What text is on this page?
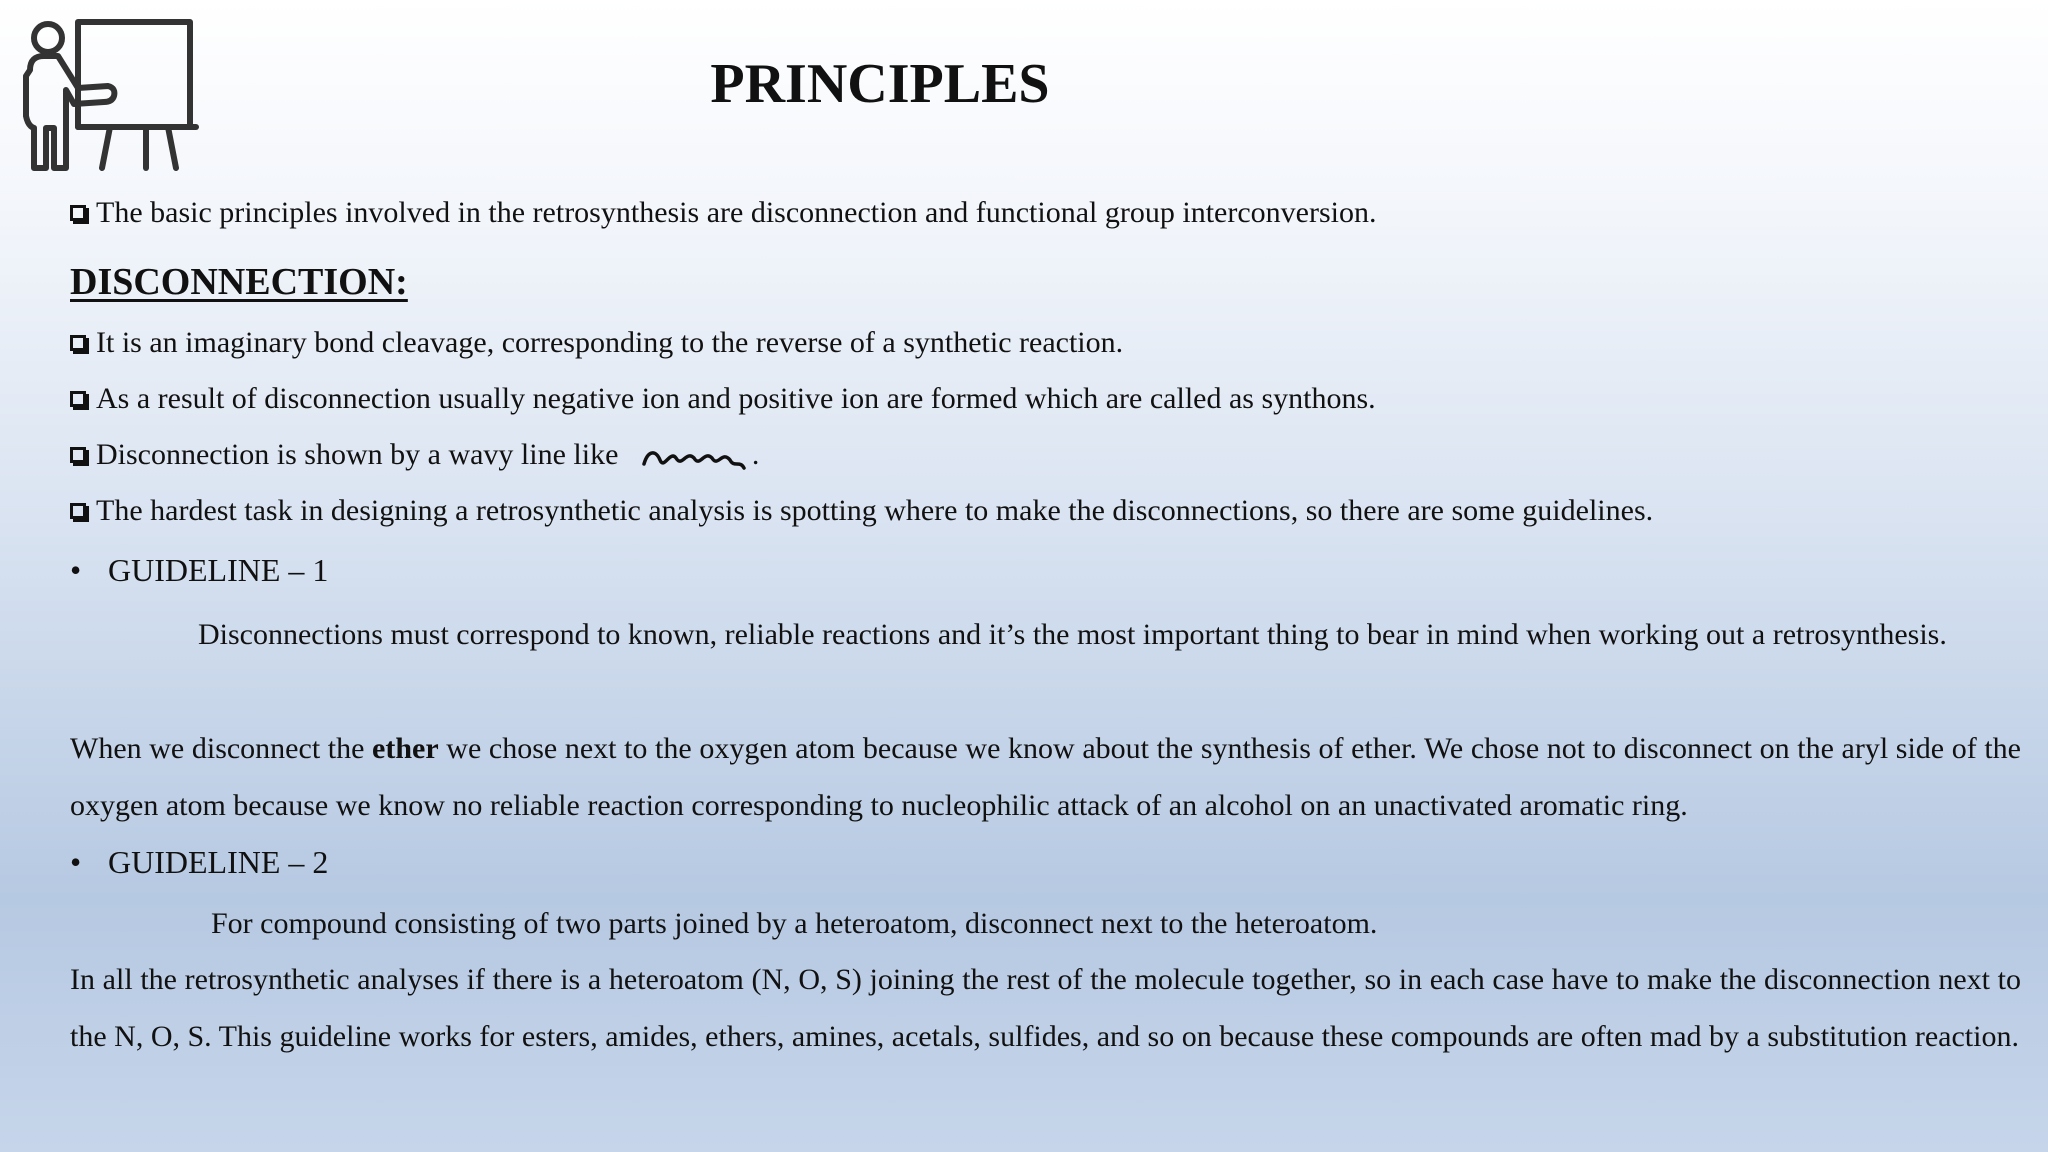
PRINCIPLES
The basic principles involved in the retrosynthesis are disconnection and functional group interconversion.
DISCONNECTION:
It is an imaginary bond cleavage, corresponding to the reverse of a synthetic reaction.
As a result of disconnection usually negative ion and positive ion are formed which are called as synthons.
Disconnection is shown by a wavy line like	.
The hardest task in designing a retrosynthetic analysis is spotting where to make the disconnections, so there are some guidelines.
• GUIDELINE – 1
Disconnections must correspond to known, reliable reactions and it’s the most important thing to bear in mind when working out a retrosynthesis.
When we disconnect the ether we chose next to the oxygen atom because we know about the synthesis of ether. We chose not to disconnect on the aryl side of the oxygen atom because we know no reliable reaction corresponding to nucleophilic attack of an alcohol on an unactivated aromatic ring.
• GUIDELINE – 2
For compound consisting of two parts joined by a heteroatom, disconnect next to the heteroatom.
In all the retrosynthetic analyses if there is a heteroatom (N, O, S) joining the rest of the molecule together, so in each case have to make the disconnection next to the N, O, S. This guideline works for esters, amides, ethers, amines, acetals, sulfides, and so on because these compounds are often mad by a substitution reaction.
